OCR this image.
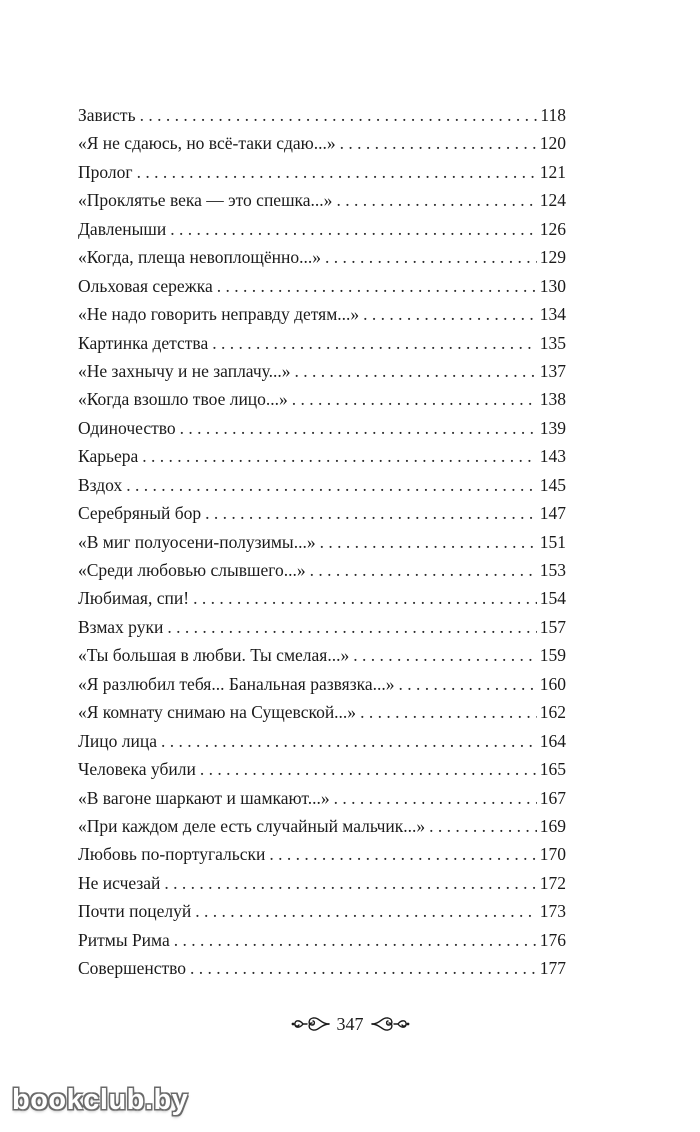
Зависть . . .	118
«Я не сдаюсь, но всё-таки сдаю...» . . .	120
Пролог . . .	121
«Проклятье века — это спешка...» . . .	124
Давленыши . . .	126
«Когда, плеща невоплощённо...» . . .	129
Ольховая сережка . . .	130
«Не надо говорить неправду детям...» . . .	134
Картинка детства . . .	135
«Не захнычу и не заплачу...» . . .	137
«Когда взошло твое лицо...» . . .	138
Одиночество . . .	139
Карьера . . .	143
Вздох . . .	145
Серебряный бор . . .	147
«В миг полуосени-полузимы...» . . .	151
«Среди любовью слывшего...» . . .	153
Любимая, спи! . . .	154
Взмах руки . . .	157
«Ты большая в любви. Ты смелая...» . . .	159
«Я разлюбил тебя... Банальная развязка...» . . .	160
«Я комнату снимаю на Сущевской...» . . .	162
Лицо лица . . .	164
Человека убили . . .	165
«В вагоне шаркают и шамкают...» . . .	167
«При каждом деле есть случайный мальчик...» . . .	169
Любовь по-португальски . . .	170
Не исчезай . . .	172
Почти поцелуй . . .	173
Ритмы Рима . . .	176
Совершенство . . .	177
347
bookclub.by
